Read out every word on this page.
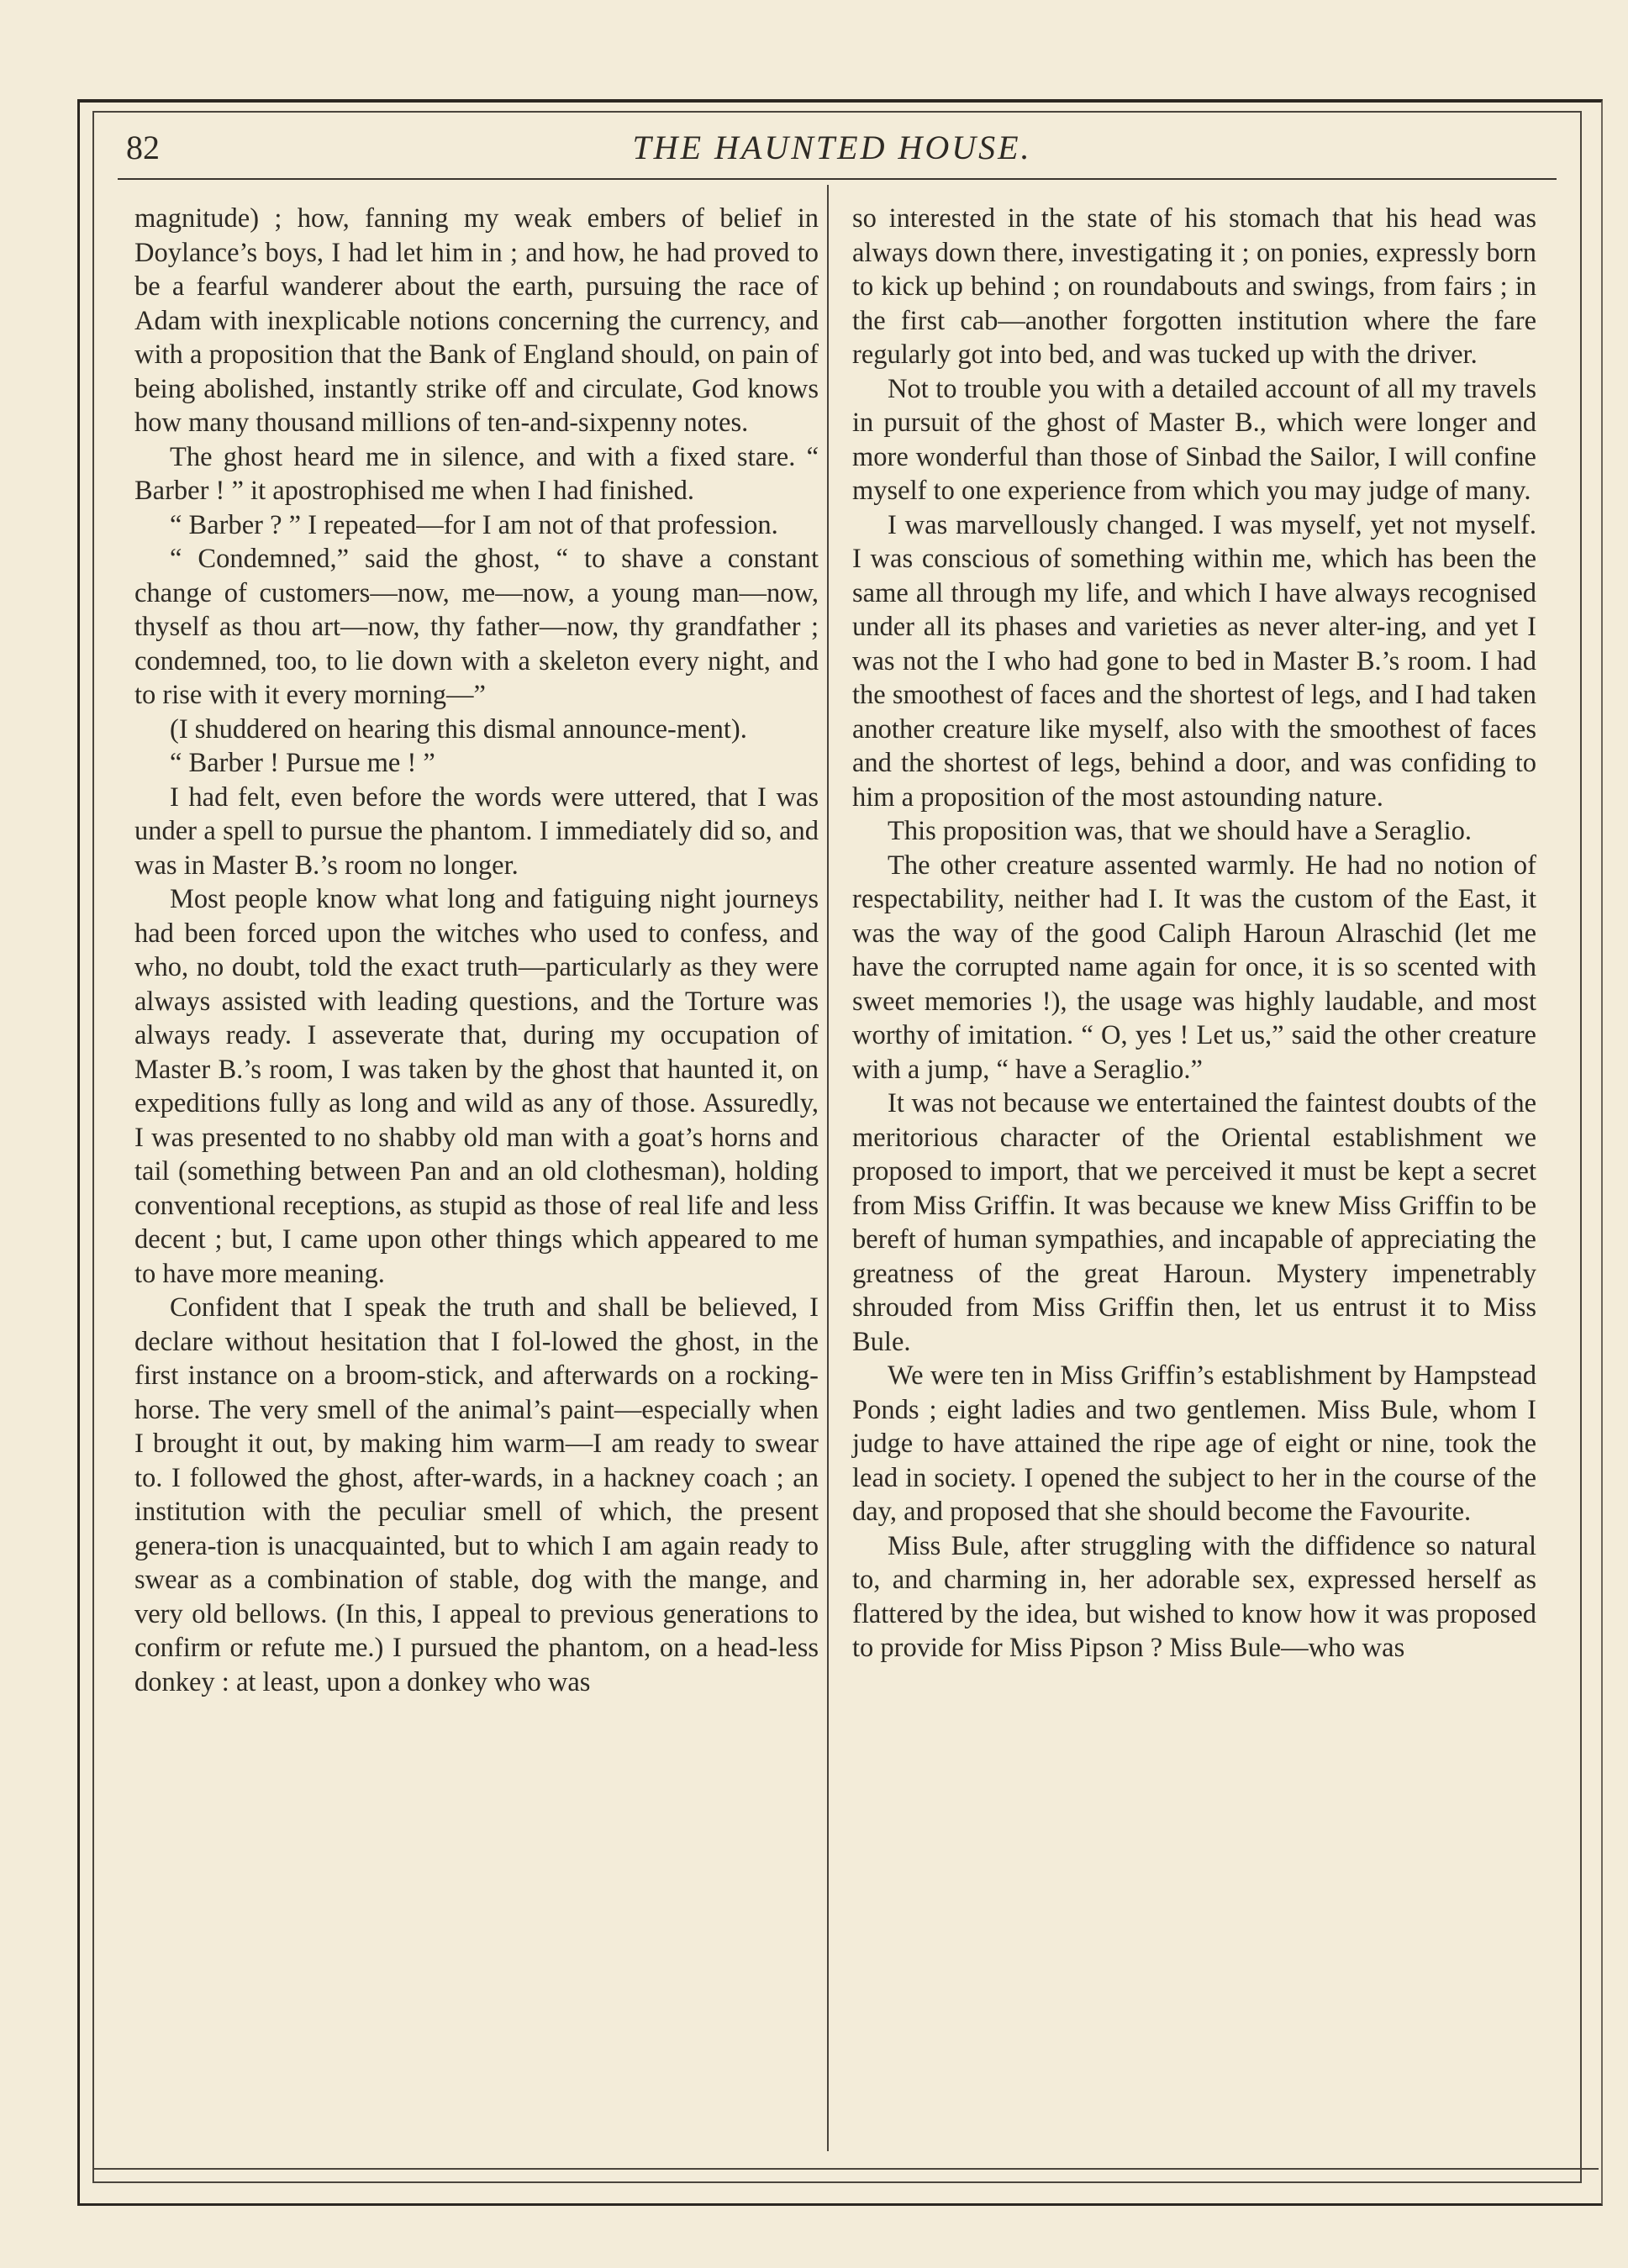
82	THE HAUNTED HOUSE.

magnitude) ; how, fanning my weak embers of belief in Doylance’s boys, I had let him in ; and how, he had proved to be a fearful wanderer about the earth, pursuing the race of Adam with inexplicable notions concerning the currency, and with a proposition that the Bank of England should, on pain of being abolished, instantly strike off and circulate, God knows how many thousand millions of ten-and-sixpenny notes.

The ghost heard me in silence, and with a fixed stare. “ Barber ! ” it apostrophised me when I had finished.

“ Barber ? ” I repeated—for I am not of that profession.

“ Condemned,” said the ghost, “ to shave a constant change of customers—now, me—now, a young man—now, thyself as thou art—now, thy father—now, thy grandfather ; condemned, too, to lie down with a skeleton every night, and to rise with it every morning—”

(I shuddered on hearing this dismal announce-ment).

“ Barber ! Pursue me ! ”

I had felt, even before the words were uttered, that I was under a spell to pursue the phantom. I immediately did so, and was in Master B.’s room no longer.

Most people know what long and fatiguing night journeys had been forced upon the witches who used to confess, and who, no doubt, told the exact truth—particularly as they were always assisted with leading questions, and the Torture was always ready. I asseverate that, during my occupation of Master B.’s room, I was taken by the ghost that haunted it, on expeditions fully as long and wild as any of those. Assuredly, I was presented to no shabby old man with a goat’s horns and tail (something between Pan and an old clothesman), holding conventional receptions, as stupid as those of real life and less decent ; but, I came upon other things which appeared to me to have more meaning.

Confident that I speak the truth and shall be believed, I declare without hesitation that I fol-lowed the ghost, in the first instance on a broom-stick, and afterwards on a rocking-horse. The very smell of the animal’s paint—especially when I brought it out, by making him warm—I am ready to swear to. I followed the ghost, after-wards, in a hackney coach ; an institution with the peculiar smell of which, the present genera-tion is unacquainted, but to which I am again ready to swear as a combination of stable, dog with the mange, and very old bellows. (In this, I appeal to previous generations to confirm or refute me.) I pursued the phantom, on a head-less donkey : at least, upon a donkey who was

so interested in the state of his stomach that his head was always down there, investigating it ; on ponies, expressly born to kick up behind ; on roundabouts and swings, from fairs ; in the first cab—another forgotten institution where the fare regularly got into bed, and was tucked up with the driver.

Not to trouble you with a detailed account of all my travels in pursuit of the ghost of Master B., which were longer and more wonderful than those of Sinbad the Sailor, I will confine myself to one experience from which you may judge of many.

I was marvellously changed. I was myself, yet not myself. I was conscious of something within me, which has been the same all through my life, and which I have always recognised under all its phases and varieties as never alter-ing, and yet I was not the I who had gone to bed in Master B.’s room. I had the smoothest of faces and the shortest of legs, and I had taken another creature like myself, also with the smoothest of faces and the shortest of legs, behind a door, and was confiding to him a proposition of the most astounding nature.

This proposition was, that we should have a Seraglio.

The other creature assented warmly. He had no notion of respectability, neither had I. It was the custom of the East, it was the way of the good Caliph Haroun Alraschid (let me have the corrupted name again for once, it is so scented with sweet memories !), the usage was highly laudable, and most worthy of imitation. “ O, yes ! Let us,” said the other creature with a jump, “ have a Seraglio.”

It was not because we entertained the faintest doubts of the meritorious character of the Oriental establishment we proposed to import, that we perceived it must be kept a secret from Miss Griffin. It was because we knew Miss Griffin to be bereft of human sympathies, and incapable of appreciating the greatness of the great Haroun. Mystery impenetrably shrouded from Miss Griffin then, let us entrust it to Miss Bule.

We were ten in Miss Griffin’s establishment by Hampstead Ponds ; eight ladies and two gentlemen. Miss Bule, whom I judge to have attained the ripe age of eight or nine, took the lead in society. I opened the subject to her in the course of the day, and proposed that she should become the Favourite.

Miss Bule, after struggling with the diffidence so natural to, and charming in, her adorable sex, expressed herself as flattered by the idea, but wished to know how it was proposed to provide for Miss Pipson ? Miss Bule—who was
